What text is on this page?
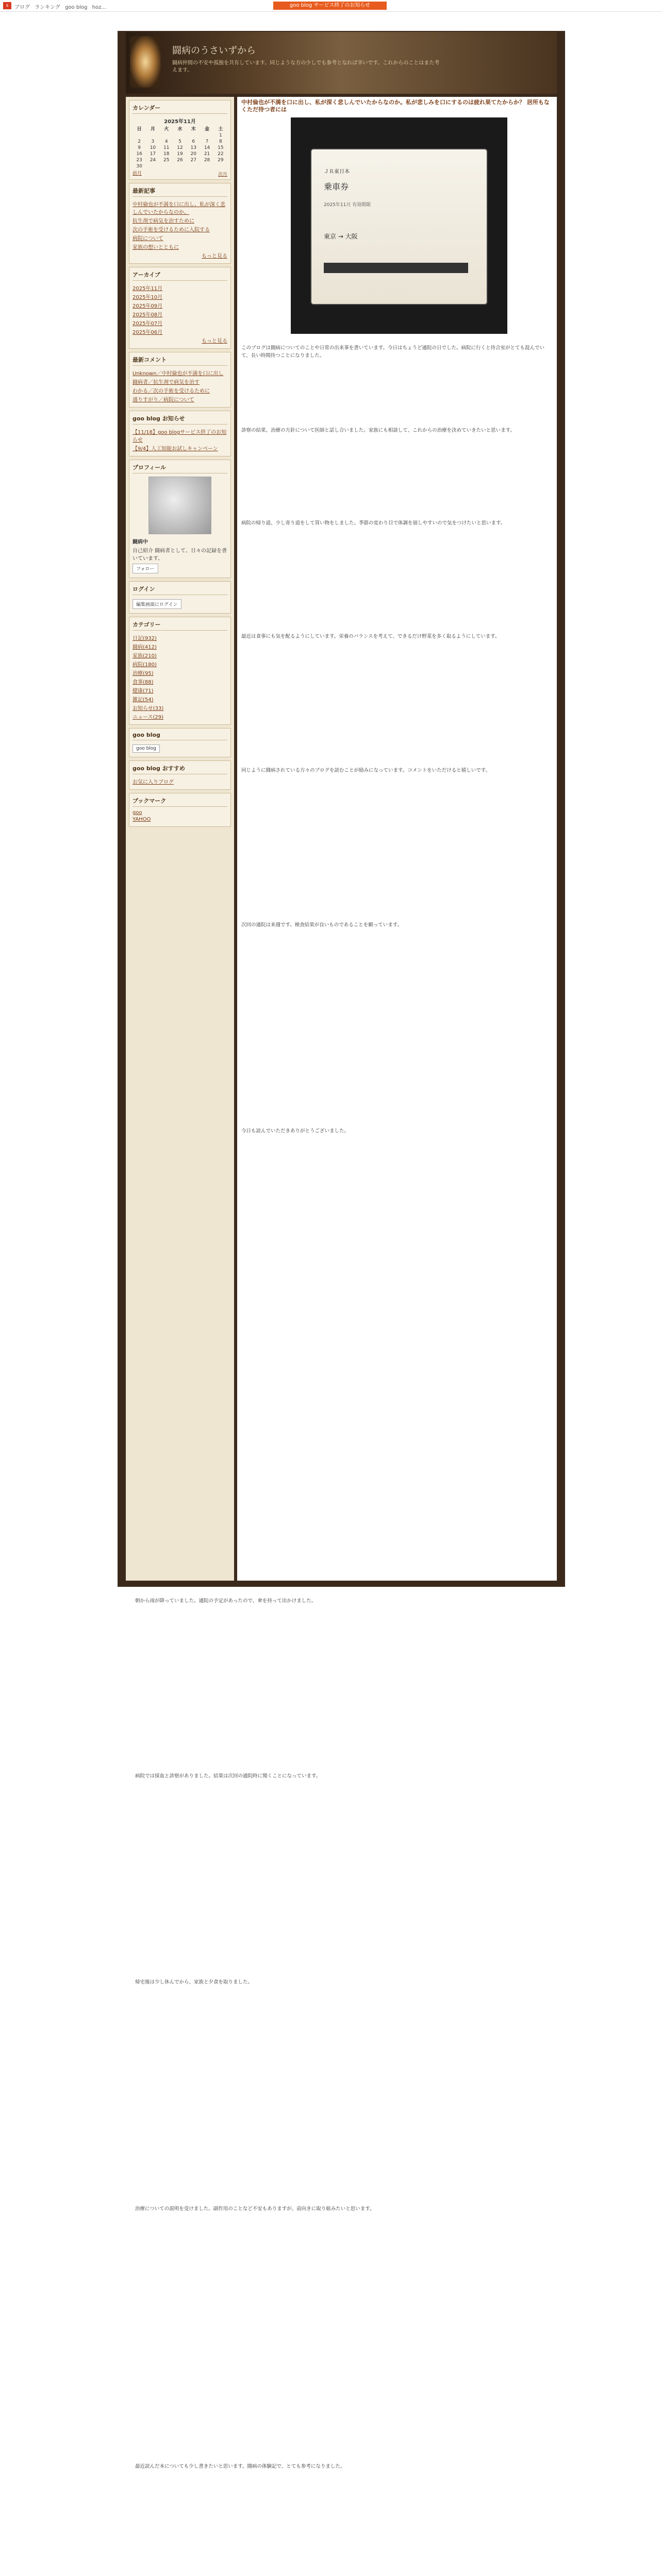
s	ブログ ランキング goo blog hoz...	goo blog サービス終了のお知らせ
闘病のうさいずから
闘病仲間の不安や孤独を共有しています。同じような方の少しでも参考となれば幸いです。これからのことはまた考えます。
カレンダー
2025年11月
日	月	火	水	木	金	土
						1
2	3	4	5	6	7	8
9	10	11	12	13	14	15
16	17	18	19	20	21	22
23	24	25	26	27	28	29
30						
前月	次月
最新記事
中村倫也が不満を口に出し、私が深く悲しんでいたからなのか。
抗生剤で病気を治すために
次の手術を受けるために入院する
病院について
家族の想いとともに
もっと見る
アーカイブ
2025年11月
2025年10月
2025年09月
2025年08月
2025年07月
2025年06月
もっと見る
最新コメント
Unknown／中村倫也が不満を口に出し
闘病者／抗生剤で病気を治す
わかる／次の手術を受けるために
通りすがり／病院について
goo blog お知らせ
【11/18】goo blogサービス終了のお知らせ
【9/4】人工知能お試しキャンペーン
プロフィール
闘病中
自己紹介 闘病者として、日々の記録を書いています。
フォロー
ログイン
編集画面にログイン
カテゴリー
日記(932)
闘病(412)
家族(210)
病院(180)
治療(95)
食事(88)
健康(71)
雑記(54)
お知らせ(33)
ニュース(29)
goo blog
goo blog
goo blog おすすめ
お気に入りブログ
ブックマーク
goo
YAHOO
中村倫也が不満を口に出し、私が深く悲しんでいたからなのか。私が悲しみを口にするのは疲れ果てたからか？ 居所もなくただ待つ者には
ＪＲ東日本
乗車券
2025年11月 有効期限
東京 → 大阪
このブログは闘病についてのことや日常の出来事を書いています。今日はちょうど通院の日でした。病院に行くと待合室がとても混んでいて、長い時間待つことになりました。
診察の結果、治療の方針について医師と話し合いました。家族にも相談して、これからの治療を決めていきたいと思います。
病院の帰り道、少し寄り道をして買い物をしました。季節の変わり目で体調を崩しやすいので気をつけたいと思います。
最近は食事にも気を配るようにしています。栄養のバランスを考えて、できるだけ野菜を多く取るようにしています。
同じように闘病されている方々のブログを読むことが励みになっています。コメントをいただけると嬉しいです。
次回の通院は来週です。検査結果が良いものであることを願っています。
今日も読んでいただきありがとうございました。
朝から雨が降っていました。通院の予定があったので、傘を持って出かけました。
病院では採血と診察がありました。結果は次回の通院時に聞くことになっています。
帰宅後は少し休んでから、家族と夕食を取りました。
治療についての説明を受けました。副作用のことなど不安もありますが、前向きに取り組みたいと思います。
最近読んだ本についても少し書きたいと思います。闘病の体験記で、とても参考になりました。
